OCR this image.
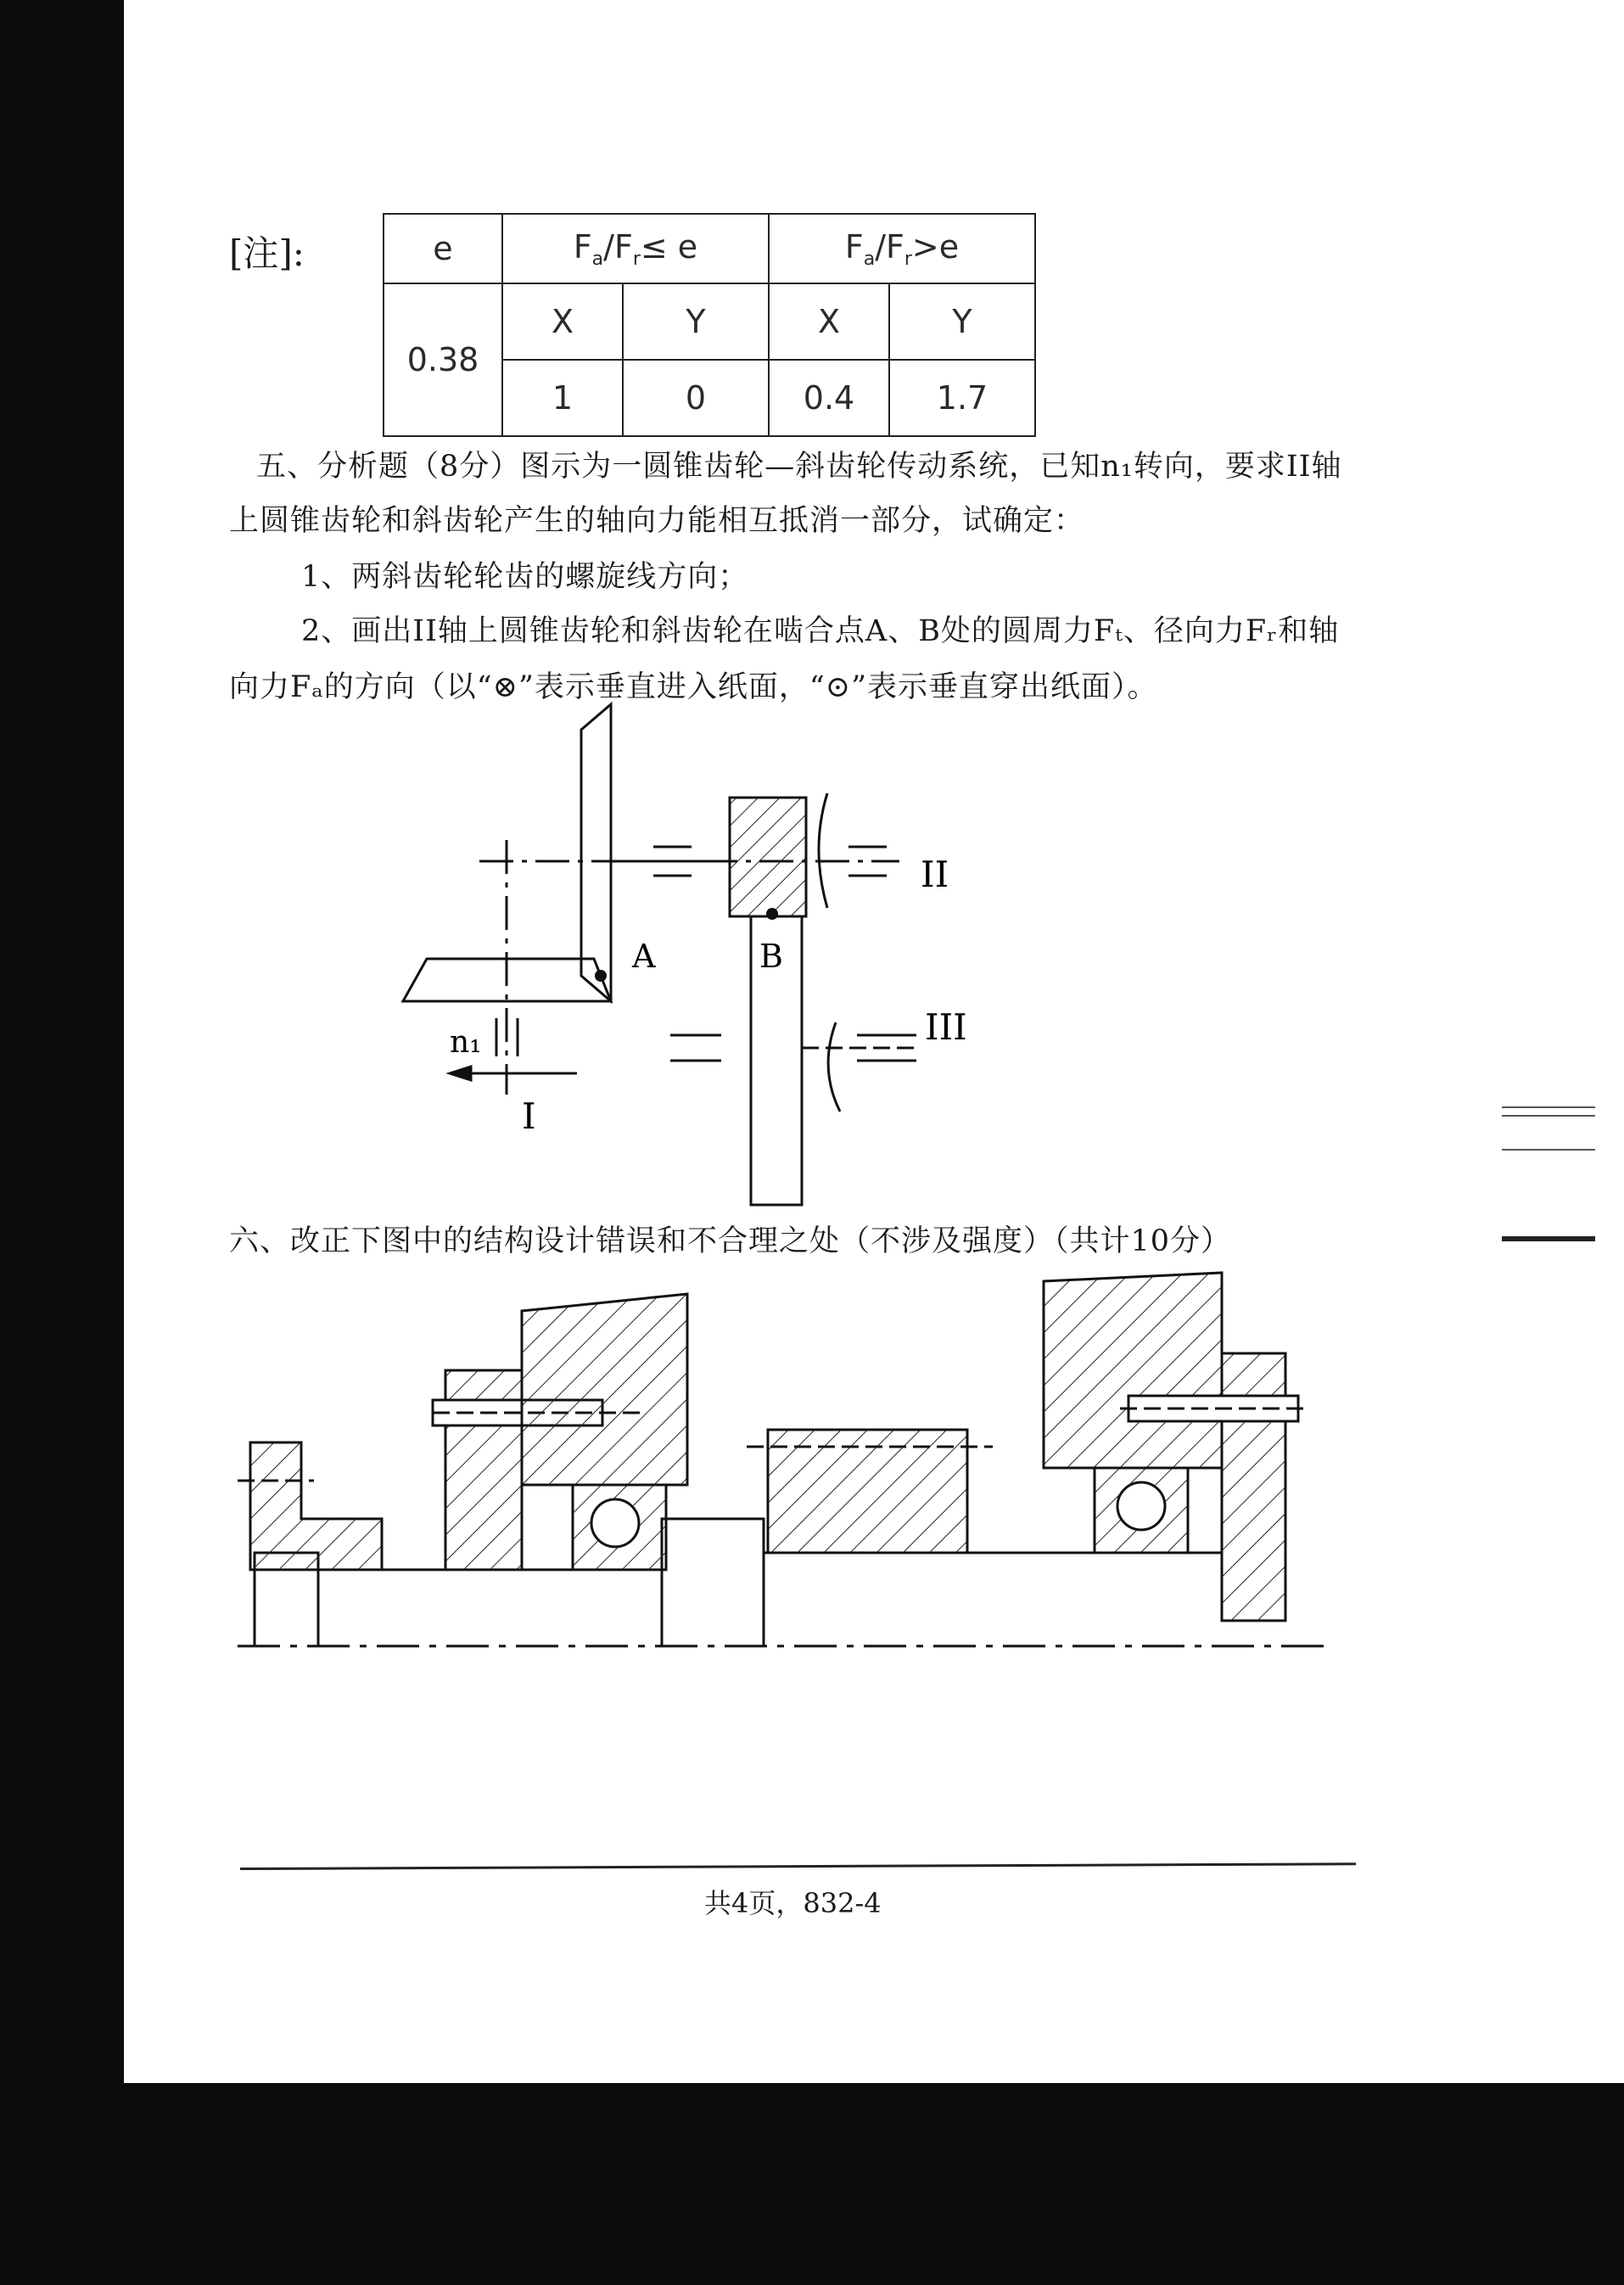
[注]:	e	$F_a/F_r\le e$		$F_a/F_r>e$	
0.38	X	Y	X	Y
	1	0	0.4	1.7
五、分析题（8分）图示为一圆锥齿轮—斜齿轮传动系统，已知n₁转向，要求II轴
上圆锥齿轮和斜齿轮产生的轴向力能相互抵消一部分，试确定：
1、两斜齿轮轮齿的螺旋线方向；
2、画出II轴上圆锥齿轮和斜齿轮在啮合点A、B处的圆周力Fₜ、径向力Fᵣ和轴
向力Fₐ的方向（以“⊗”表示垂直进入纸面，“⊙”表示垂直穿出纸面）。
A	B
II
III
I
n₁
六、改正下图中的结构设计错误和不合理之处（不涉及强度）（共计10分）
共4页，832-4
